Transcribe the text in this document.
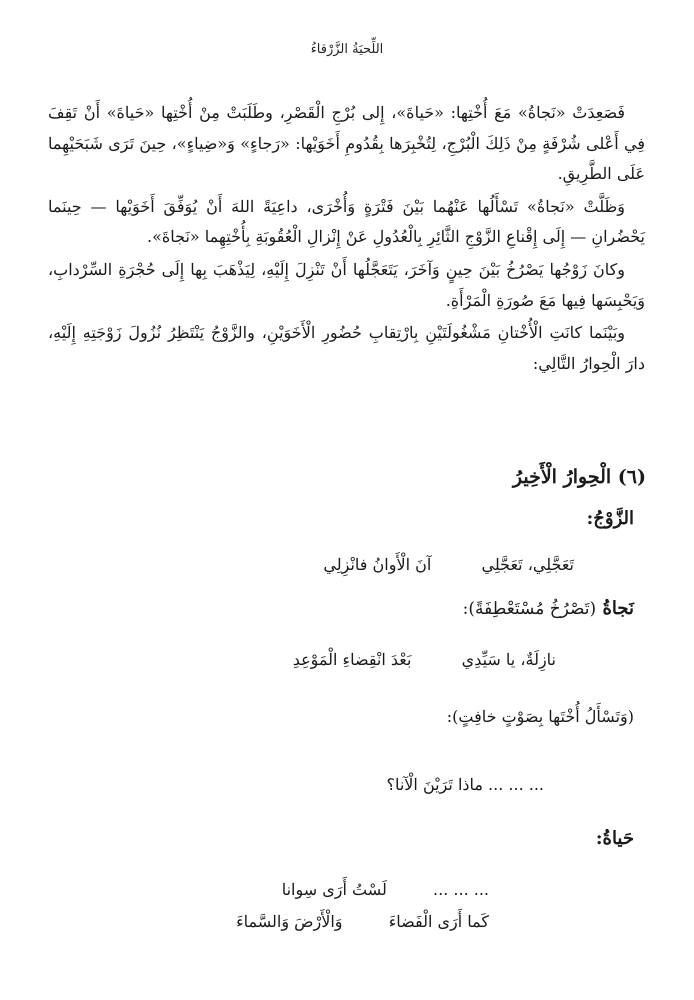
اللِّحيَةُ الزَّرْقاءُ

فَصَعِدَتْ «نَجاةُ» مَعَ أُخْتِها: «حَياةَ»، إِلى بُرْجِ الْقَصْرِ، وطَلَبَتْ مِنْ أُخْتِها «حَياةَ» أَنْ تَقِفَ فِي أَعْلى شُرْفَةٍ مِنْ ذَلِكَ الْبُرْجِ، لِتُخْبِرَها بِقُدُومِ أَخَوَيْها: «رَجاءٍ» وَ«ضِياءٍ»، حِينَ تَرَى شَبَحَيْهِما عَلَى الطَّرِيقِ.

وَظَلَّتْ «نَجاةُ» تَسْأَلُها عَنْهُما بَيْنَ فَتْرَةٍ وَأُخْرَى، داعِيَةً اللهَ أَنْ يُوَفِّقَ أَخَوَيْها — حِينَما يَحْضُرانِ — إِلَى إِقْناعِ الزَّوْجِ الثَّائِرِ بِالْعُدُولِ عَنْ إِنْزالِ الْعُقُوبَةِ بِأُخْتِهِما «نَجاةَ».

وكانَ زَوْجُها يَصْرُخُ بَيْنَ حِينٍ وَآخَرَ، يَتَعَجَّلُها أَنْ تَنْزِلَ إِلَيْهِ، لِيَذْهَبَ بِها إِلَى حُجْرَةِ السِّرْدابِ، وَيَحْبِسَها فِيها مَعَ صُورَةِ الْمَرْأَةِ.

وبَيْنَما كانَتِ الْأُخْتانِ مَشْغُولَتَيْنِ بِارْتِقابِ حُضُورِ الْأَخَوَيْنِ، والزَّوْجُ يَنْتَظِرُ نُزُولَ زَوْجَتِهِ إِلَيْهِ، دارَ الْحِوارُ التَّالِي:

(٦) الْحِوارُ الْأَخِيرُ
الزَّوْجُ:
تَعَجَّلِي، تَعَجَّلِي  آنَ الْأَوانُ فانْزِلِي
نَجاةُ (تَصْرُخُ مُسْتَعْطِفَةً):
نازِلَةٌ، يا سَيِّدِي  بَعْدَ انْقِضاءِ الْمَوْعِدِ
(وَتَسْأَلُ أُخْتَها بِصَوْتٍ خافِتٍ):
... ... ... ماذا تَرَيْنَ الْآنا؟
حَياةُ:
... ... ...  لَسْتُ أَرَى سِوانا
كَما أَرَى الْفَضاءَ  وَالْأَرْضَ وَالسَّماءَ
